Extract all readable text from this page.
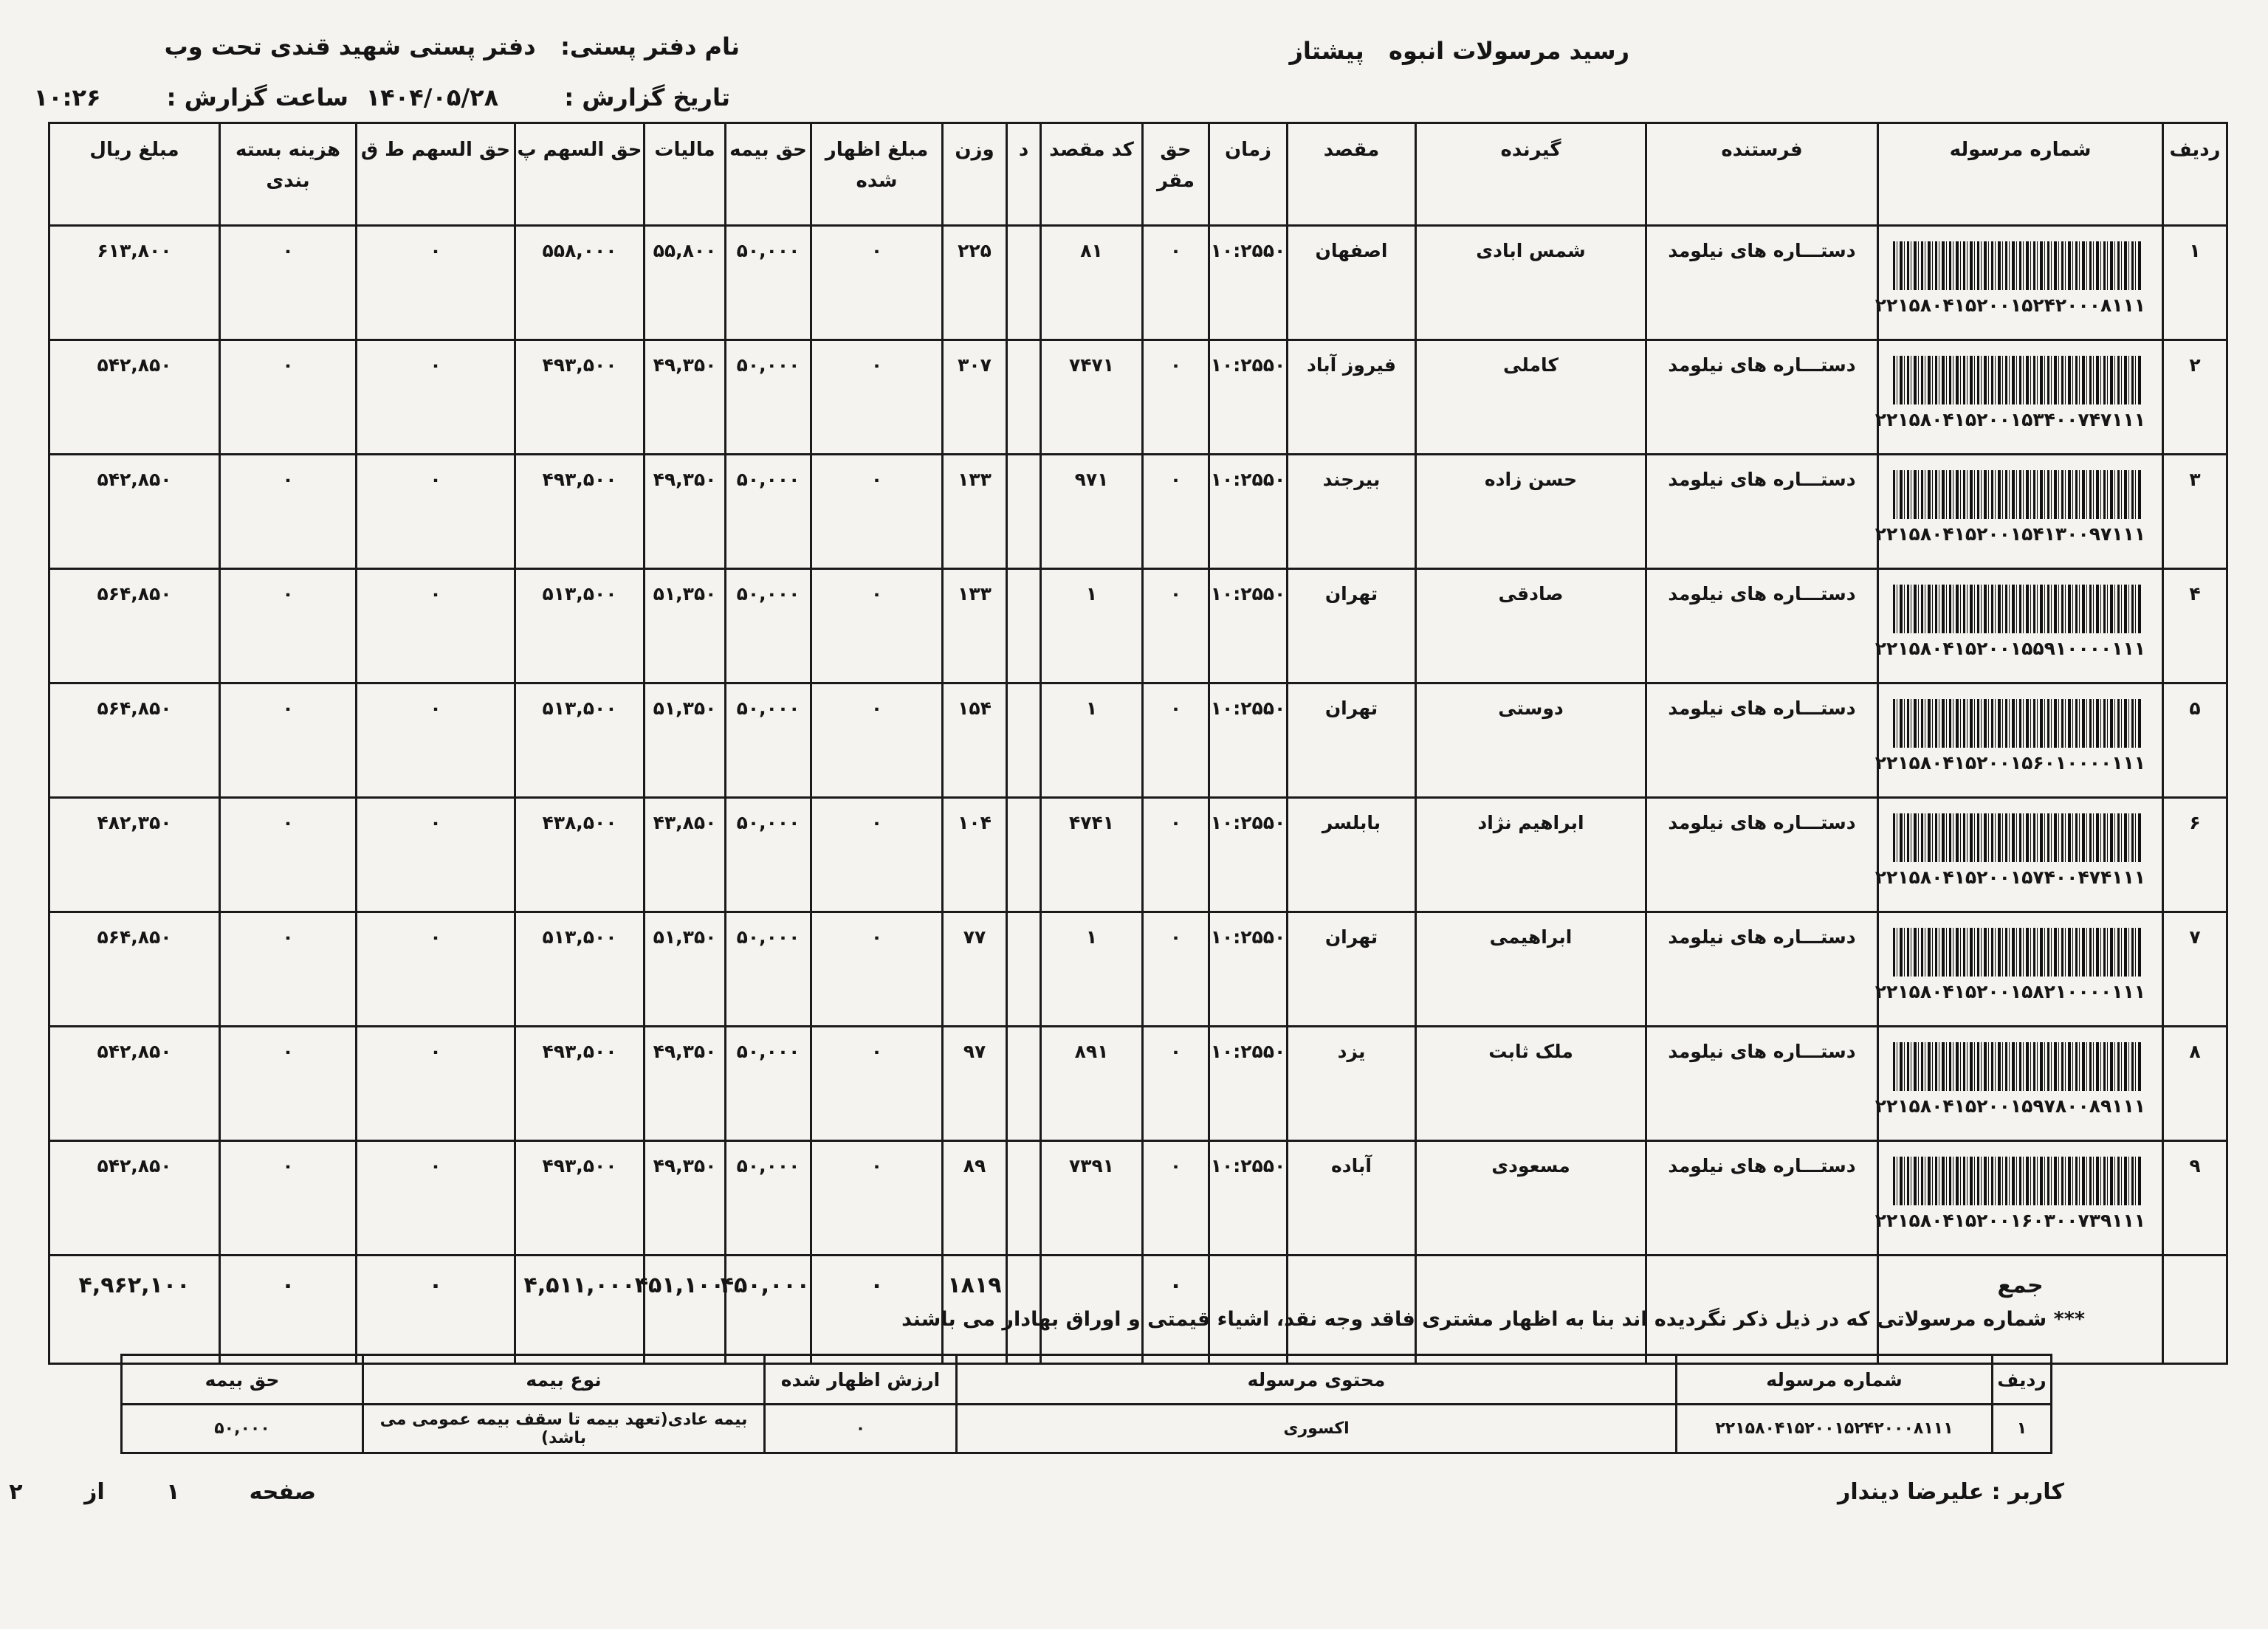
رسید مرسولات انبوه   پیشتاز
نام دفتر پستی:   دفتر پستی شهید قندی تحت وب
تاریخ گزارش :        ۱۴۰۴/۰۵/۲۸
ساعت گزارش :        ۱۰:۲۶
ردیف	شماره مرسوله	فرستنده	گیرنده	مقصد	زمان	حق مقر	کد مقصد	د	وزن	مبلغ اظهار شده	حق بیمه	مالیات	حق السهم پ	حق السهم ط ق	هزینه بسته بندی	مبلغ ریال
۱	۲۲۱۵۸۰۴۱۵۲۰۰۱۵۲۴۲۰۰۰۸۱۱۱	دستـــاره های نیلومد	شمس ابادی	اصفهان	۱۰:۲۵۵۰	۰	۸۱		۲۲۵	۰	۵۰,۰۰۰	۵۵,۸۰۰	۵۵۸,۰۰۰	۰	۰	۶۱۳,۸۰۰
۲	۲۲۱۵۸۰۴۱۵۲۰۰۱۵۳۴۰۰۷۴۷۱۱۱	دستـــاره های نیلومد	کاملی	فیروز آباد	۱۰:۲۵۵۰	۰	۷۴۷۱		۳۰۷	۰	۵۰,۰۰۰	۴۹,۳۵۰	۴۹۳,۵۰۰	۰	۰	۵۴۲,۸۵۰
۳	۲۲۱۵۸۰۴۱۵۲۰۰۱۵۴۱۳۰۰۹۷۱۱۱	دستـــاره های نیلومد	حسن زاده	بیرجند	۱۰:۲۵۵۰	۰	۹۷۱		۱۳۳	۰	۵۰,۰۰۰	۴۹,۳۵۰	۴۹۳,۵۰۰	۰	۰	۵۴۲,۸۵۰
۴	۲۲۱۵۸۰۴۱۵۲۰۰۱۵۵۹۱۰۰۰۰۱۱۱	دستـــاره های نیلومد	صادقی	تهران	۱۰:۲۵۵۰	۰	۱		۱۳۳	۰	۵۰,۰۰۰	۵۱,۳۵۰	۵۱۳,۵۰۰	۰	۰	۵۶۴,۸۵۰
۵	۲۲۱۵۸۰۴۱۵۲۰۰۱۵۶۰۱۰۰۰۰۱۱۱	دستـــاره های نیلومد	دوستی	تهران	۱۰:۲۵۵۰	۰	۱		۱۵۴	۰	۵۰,۰۰۰	۵۱,۳۵۰	۵۱۳,۵۰۰	۰	۰	۵۶۴,۸۵۰
۶	۲۲۱۵۸۰۴۱۵۲۰۰۱۵۷۴۰۰۴۷۴۱۱۱	دستـــاره های نیلومد	ابراهیم نژاد	بابلسر	۱۰:۲۵۵۰	۰	۴۷۴۱		۱۰۴	۰	۵۰,۰۰۰	۴۳,۸۵۰	۴۳۸,۵۰۰	۰	۰	۴۸۲,۳۵۰
۷	۲۲۱۵۸۰۴۱۵۲۰۰۱۵۸۲۱۰۰۰۰۱۱۱	دستـــاره های نیلومد	ابراهیمی	تهران	۱۰:۲۵۵۰	۰	۱		۷۷	۰	۵۰,۰۰۰	۵۱,۳۵۰	۵۱۳,۵۰۰	۰	۰	۵۶۴,۸۵۰
۸	۲۲۱۵۸۰۴۱۵۲۰۰۱۵۹۷۸۰۰۸۹۱۱۱	دستـــاره های نیلومد	ملک ثابت	یزد	۱۰:۲۵۵۰	۰	۸۹۱		۹۷	۰	۵۰,۰۰۰	۴۹,۳۵۰	۴۹۳,۵۰۰	۰	۰	۵۴۲,۸۵۰
۹	۲۲۱۵۸۰۴۱۵۲۰۰۱۶۰۳۰۰۷۳۹۱۱۱	دستـــاره های نیلومد	مسعودی	آباده	۱۰:۲۵۵۰	۰	۷۳۹۱		۸۹	۰	۵۰,۰۰۰	۴۹,۳۵۰	۴۹۳,۵۰۰	۰	۰	۵۴۲,۸۵۰
	جمع					۰			۱۸۱۹	۰	۴۵۰,۰۰۰	۴۵۱,۱۰۰	۴,۵۱۱,۰۰۰	۰	۰	۴,۹۶۲,۱۰۰
*** شماره مرسولاتی که در ذیل ذکر نگردیده اند بنا به اظهار مشتری فاقد وجه نقد، اشیاء قیمتی و اوراق بهادار می باشند
ردیف	شماره مرسوله	محتوی مرسوله	ارزش اظهار شده	نوع بیمه	حق بیمه
۱	۲۲۱۵۸۰۴۱۵۲۰۰۱۵۲۴۲۰۰۰۸۱۱۱	اکسوری	۰	بیمه عادی(تعهد بیمه تا سقف بیمه عمومی می باشد)	۵۰,۰۰۰
کاربر : علیرضا دیندار
صفحه         ۱        از        ۲
